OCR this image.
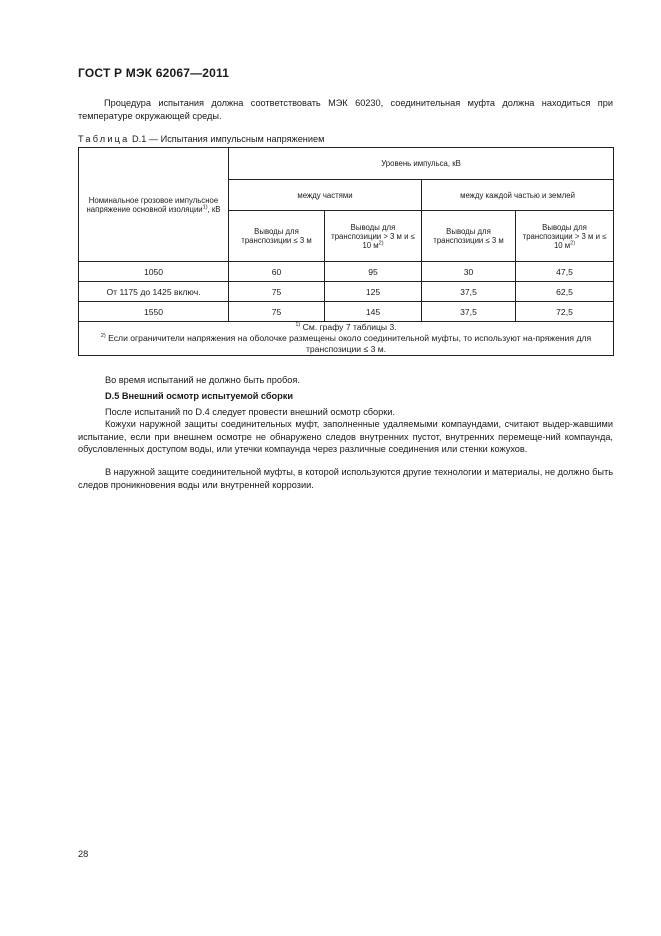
ГОСТ Р МЭК 62067—2011
Процедура испытания должна соответствовать МЭК 60230, соединительная муфта должна находиться при температуре окружающей среды.
Таблица D.1 — Испытания импульсным напряжением
Номинальное грозовое импульсное напряжение основной изоляции$^{1)}$, кВ	Уровень импульса, кВ			
	между частями		между каждой частью и землей	
	Выводы для транспозиции ≤ 3 м	Выводы для транспозиции > 3 м и ≤ 10 $м^{2)}$	Выводы для транспозиции ≤ 3 м	Выводы для транспозиции > 3 м и ≤ 10 $м^{2)}$
1050	60	95	30	47,5
От 1175 до 1425 включ.	75	125	37,5	62,5
1550	75	145	37,5	72,5

$^{1)}$ См. графу 7 таблицы 3.
$^{2)}$ Если ограничители напряжения на оболочке размещены около соединительной муфты, то используют на-пряжения для транспозиции ≤ 3 м.				
Во время испытаний не должно быть пробоя.
D.5 Внешний осмотр испытуемой сборки
После испытаний по D.4 следует провести внешний осмотр сборки.
Кожухи наружной защиты соединительных муфт, заполненные удаляемыми компаундами, считают выдер-жавшими испытание, если при внешнем осмотре не обнаружено следов внутренних пустот, внутренних перемеще-ний компаунда, обусловленных доступом воды, или утечки компаунда через различные соединения или стенки кожухов.
В наружной защите соединительной муфты, в которой используются другие технологии и материалы, не должно быть следов проникновения воды или внутренней коррозии.
28
